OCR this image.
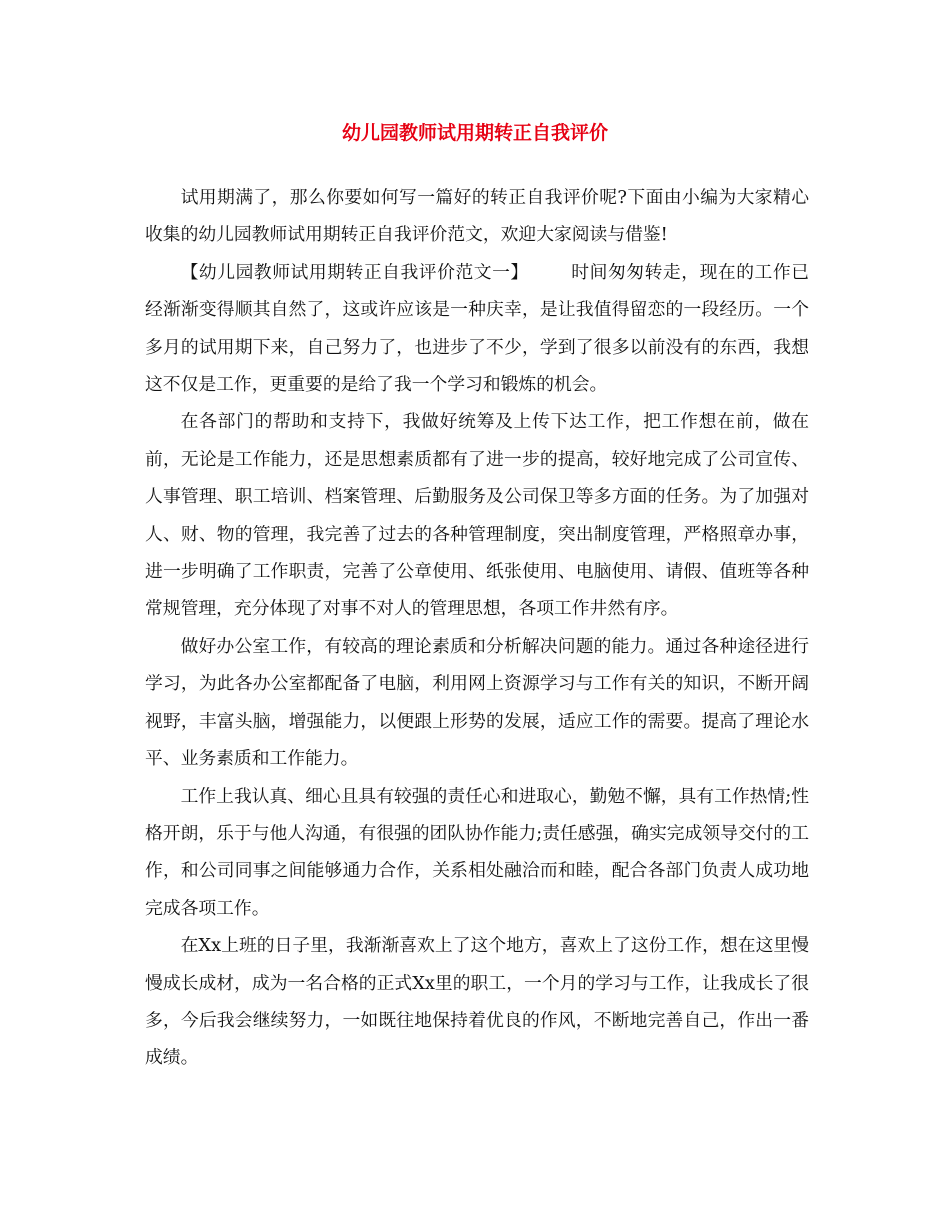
幼儿园教师试用期转正自我评价

试用期满了，那么你要如何写一篇好的转正自我评价呢?下面由小编为大家精心收集的幼儿园教师试用期转正自我评价范文，欢迎大家阅读与借鉴!

【幼儿园教师试用期转正自我评价范文一】 时间匆匆转走，现在的工作已经渐渐变得顺其自然了，这或许应该是一种庆幸，是让我值得留恋的一段经历。一个多月的试用期下来，自己努力了，也进步了不少，学到了很多以前没有的东西，我想这不仅是工作，更重要的是给了我一个学习和锻炼的机会。

在各部门的帮助和支持下，我做好统筹及上传下达工作，把工作想在前，做在前，无论是工作能力，还是思想素质都有了进一步的提高，较好地完成了公司宣传、人事管理、职工培训、档案管理、后勤服务及公司保卫等多方面的任务。为了加强对人、财、物的管理，我完善了过去的各种管理制度，突出制度管理，严格照章办事，进一步明确了工作职责，完善了公章使用、纸张使用、电脑使用、请假、值班等各种常规管理，充分体现了对事不对人的管理思想，各项工作井然有序。

做好办公室工作，有较高的理论素质和分析解决问题的能力。通过各种途径进行学习，为此各办公室都配备了电脑，利用网上资源学习与工作有关的知识，不断开阔视野，丰富头脑，增强能力，以便跟上形势的发展，适应工作的需要。提高了理论水平、业务素质和工作能力。

工作上我认真、细心且具有较强的责任心和进取心，勤勉不懈，具有工作热情;性格开朗，乐于与他人沟通，有很强的团队协作能力;责任感强，确实完成领导交付的工作，和公司同事之间能够通力合作，关系相处融洽而和睦，配合各部门负责人成功地完成各项工作。

在Xx上班的日子里，我渐渐喜欢上了这个地方，喜欢上了这份工作，想在这里慢慢成长成材，成为一名合格的正式Xx里的职工，一个月的学习与工作，让我成长了很多，今后我会继续努力，一如既往地保持着优良的作风，不断地完善自己，作出一番成绩。
